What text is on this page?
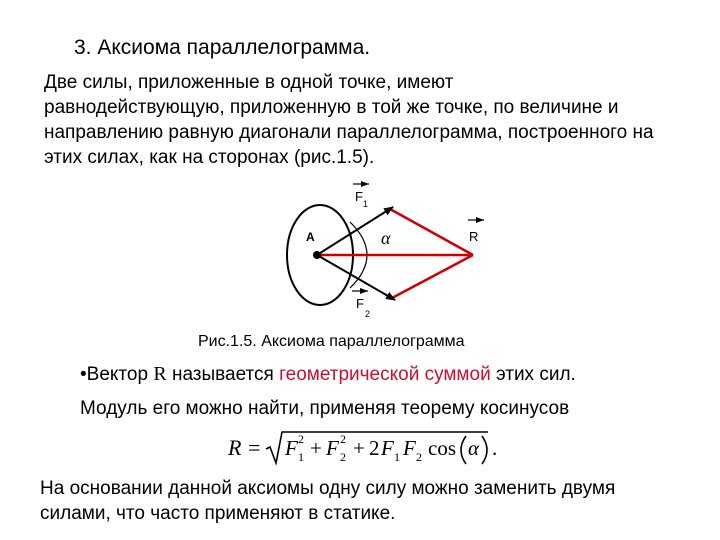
3. Аксиома параллелограмма.
Две силы, приложенные в одной точке, имеют
равнодействующую, приложенную в той же точке, по величине и
направлению равную диагонали параллелограмма, построенного на
этих силах, как на сторонах (рис.1.5).
F 1
R
A	α
F
2
Рис.1.5. Аксиома параллелограмма
•Вектор R называется геометрической суммой этих сил.
Модуль его можно найти, применяя теорему косинусов
R = F 2
1 + F 2
2 + 2 F 1 F 2 cos α .
На основании данной аксиомы одну силу можно заменить двумя
силами, что часто применяют в статике.
